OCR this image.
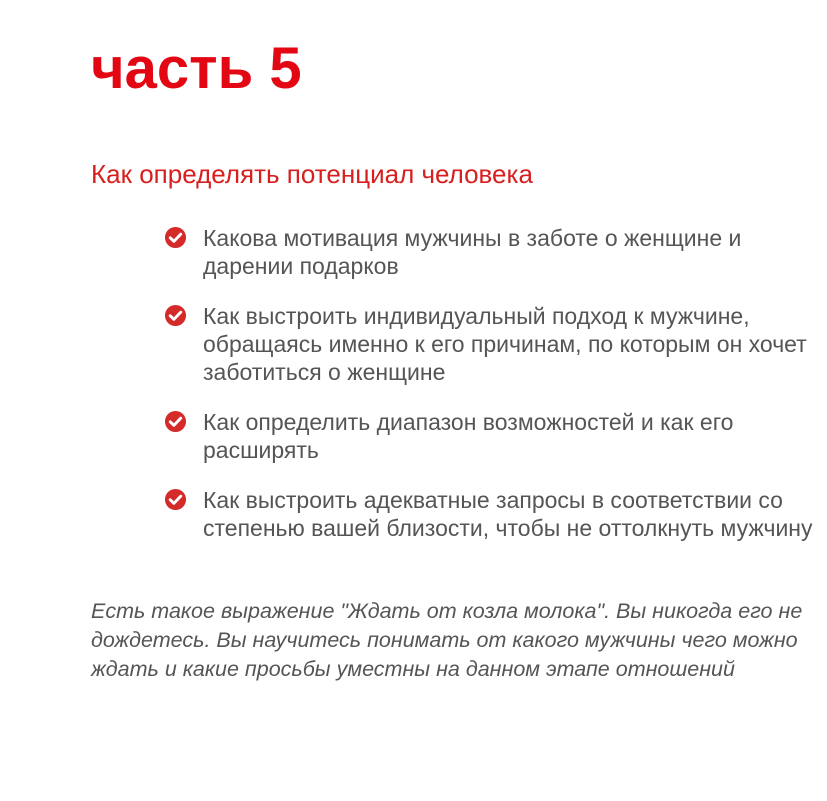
часть 5
Как определять потенциал человека
Какова мотивация мужчины в заботе о женщине и дарении подарков
Как выстроить индивидуальный подход к мужчине, обращаясь именно к его причинам, по которым он хочет заботиться о женщине
Как определить диапазон возможностей и как его расширять
Как выстроить адекватные запросы в соответствии со степенью вашей близости, чтобы не оттолкнуть мужчину

Есть такое выражение "Ждать от козла молока". Вы никогда его не дождетесь. Вы научитесь понимать от какого мужчины чего можно ждать и какие просьбы уместны на данном этапе отношений
